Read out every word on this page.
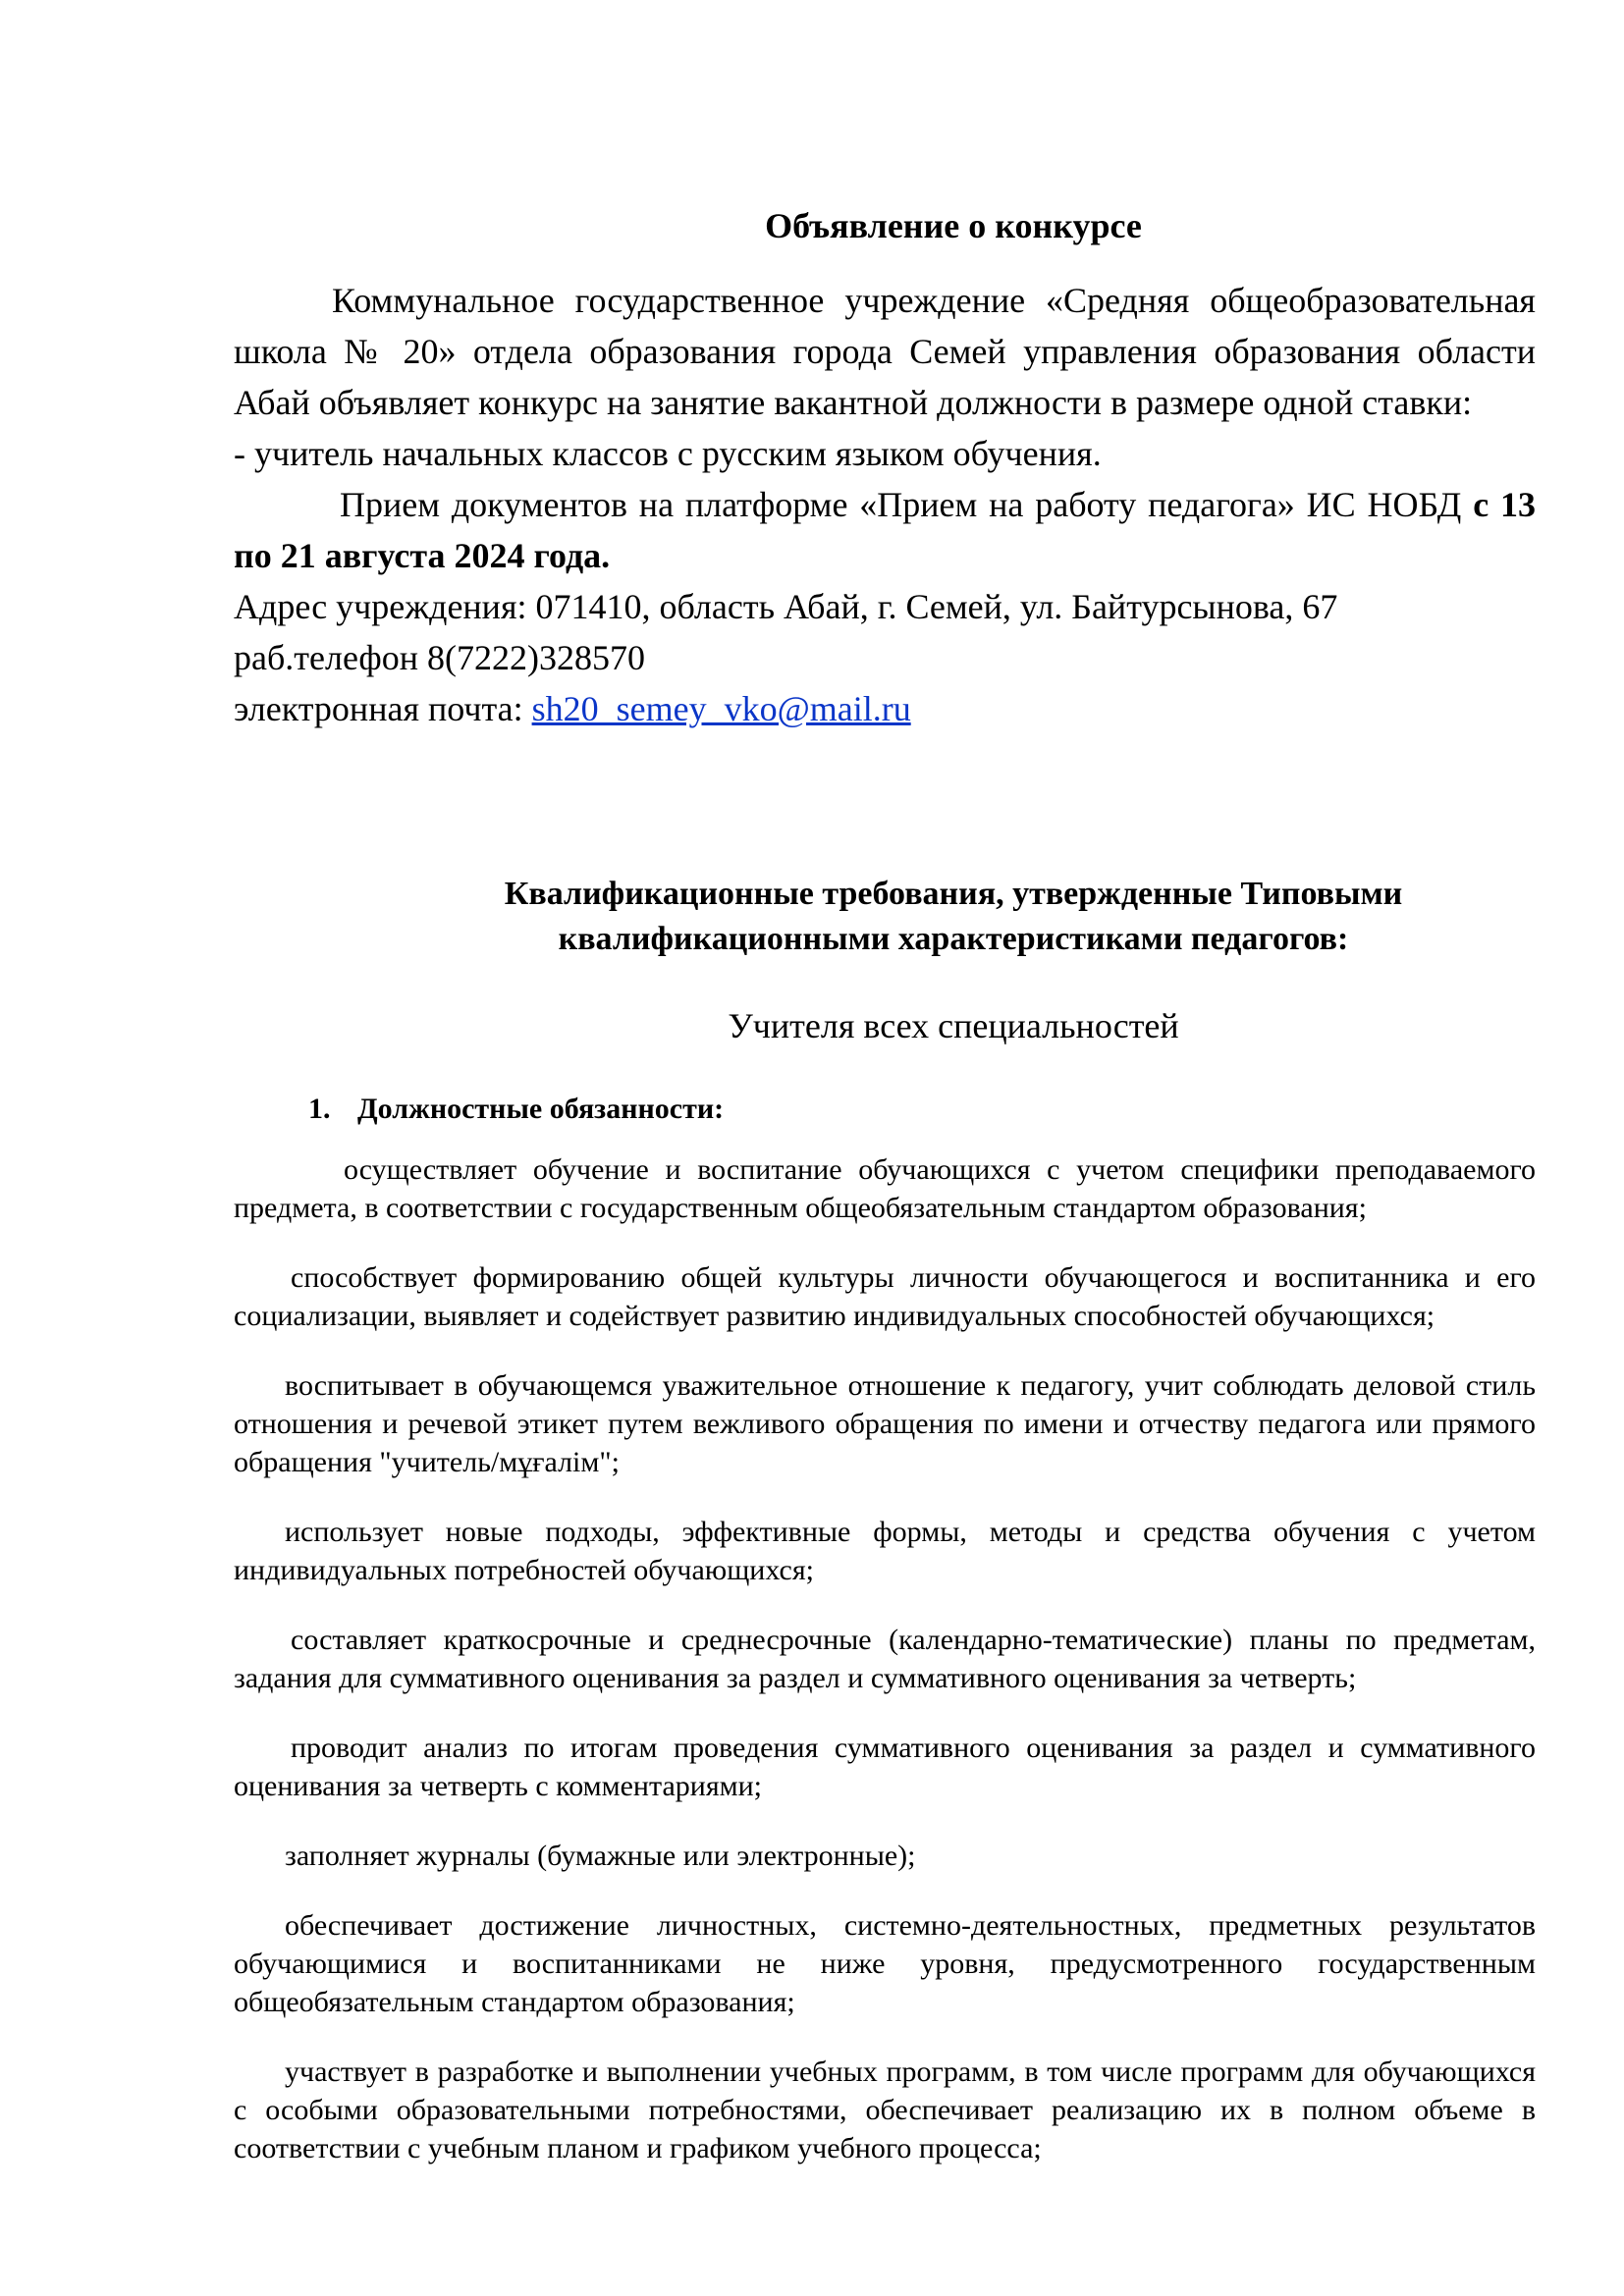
Объявление о конкурсе

Коммунальное государственное учреждение «Средняя общеобразовательная школа № 20» отдела образования города Семей управления образования области Абай объявляет конкурс на занятие вакантной должности в размере одной ставки:

- учитель начальных классов с русским языком обучения.

Прием документов на платформе «Прием на работу педагога» ИС НОБД с 13 по 21 августа 2024 года.

Адрес учреждения: 071410, область Абай, г. Семей, ул. Байтурсынова, 67

раб.телефон 8(7222)328570

электронная почта: sh20_semey_vko@mail.ru

Квалификационные требования, утвержденные Типовыми
квалификационными характеристиками педагогов:
Учителя всех специальностей
1. Должностные обязанности:

осуществляет обучение и воспитание обучающихся с учетом специфики преподаваемого предмета, в соответствии с государственным общеобязательным стандартом образования;

способствует формированию общей культуры личности обучающегося и воспитанника и его социализации, выявляет и содействует развитию индивидуальных способностей обучающихся;

воспитывает в обучающемся уважительное отношение к педагогу, учит соблюдать деловой стиль отношения и речевой этикет путем вежливого обращения по имени и отчеству педагога или прямого обращения "учитель/мұғалім";

использует новые подходы, эффективные формы, методы и средства обучения с учетом индивидуальных потребностей обучающихся;

составляет краткосрочные и среднесрочные (календарно-тематические) планы по предметам, задания для суммативного оценивания за раздел и суммативного оценивания за четверть;

проводит анализ по итогам проведения суммативного оценивания за раздел и суммативного оценивания за четверть с комментариями;

заполняет журналы (бумажные или электронные);

обеспечивает достижение личностных, системно-деятельностных, предметных результатов обучающимися и воспитанниками не ниже уровня, предусмотренного государственным общеобязательным стандартом образования;

участвует в разработке и выполнении учебных программ, в том числе программ для обучающихся с особыми образовательными потребностями, обеспечивает реализацию их в полном объеме в соответствии с учебным планом и графиком учебного процесса;
